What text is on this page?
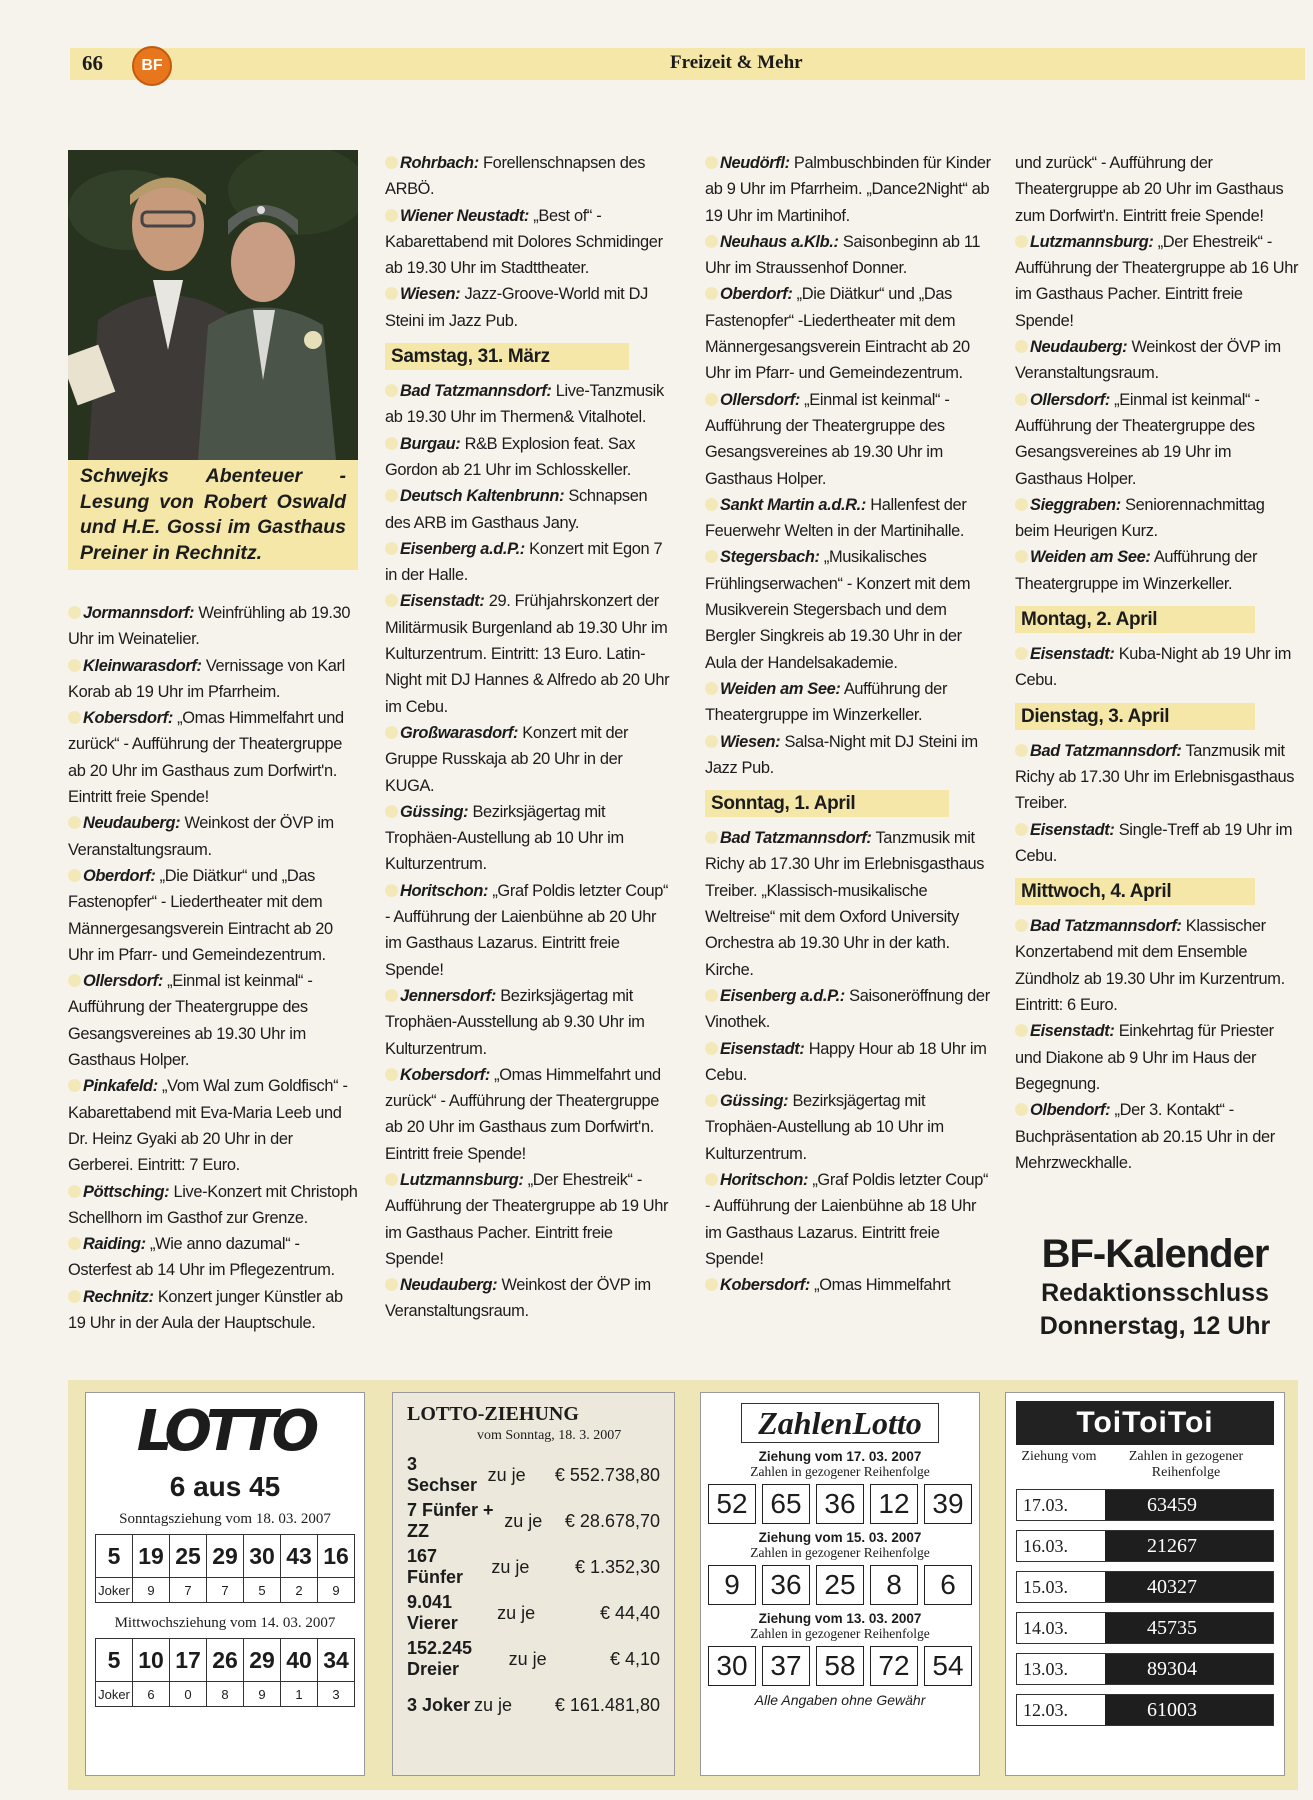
66	BF	Freizeit & Mehr
Schwejks Abenteuer - Lesung von Robert Oswald und H.E. Gossi im Gasthaus Preiner in Rechnitz.

Jormannsdorf: Weinfrühling ab 19.30 Uhr im Weinatelier.

Kleinwarasdorf: Vernissage von Karl Korab ab 19 Uhr im Pfarrheim.

Kobersdorf: „Omas Himmelfahrt und zurück“ - Aufführung der Theatergruppe ab 20 Uhr im Gasthaus zum Dorfwirt'n. Eintritt freie Spende!

Neudauberg: Weinkost der ÖVP im Veranstaltungsraum.

Oberdorf: „Die Diätkur“ und „Das Fastenopfer“ - Liedertheater mit dem Männergesangsverein Eintracht ab 20 Uhr im Pfarr- und Gemeindezentrum.

Ollersdorf: „Einmal ist keinmal“ - Aufführung der Theatergruppe des Gesangsvereines ab 19.30 Uhr im Gasthaus Holper.

Pinkafeld: „Vom Wal zum Goldfisch“ - Kabarettabend mit Eva-Maria Leeb und Dr. Heinz Gyaki ab 20 Uhr in der Gerberei. Eintritt: 7 Euro.

Pöttsching: Live-Konzert mit Christoph Schellhorn im Gasthof zur Grenze.

Raiding: „Wie anno dazumal“ - Osterfest ab 14 Uhr im Pflegezentrum.

Rechnitz: Konzert junger Künstler ab 19 Uhr in der Aula der Hauptschule.

Rohrbach: Forellenschnapsen des ARBÖ.

Wiener Neustadt: „Best of“ - Kabarettabend mit Dolores Schmidinger ab 19.30 Uhr im Stadttheater.

Wiesen: Jazz-Groove-World mit DJ Steini im Jazz Pub.

Samstag, 31. März

Bad Tatzmannsdorf: Live-Tanzmusik ab 19.30 Uhr im Thermen& Vitalhotel.

Burgau: R&B Explosion feat. Sax Gordon ab 21 Uhr im Schlosskeller.

Deutsch Kaltenbrunn: Schnapsen des ARB im Gasthaus Jany.

Eisenberg a.d.P.: Konzert mit Egon 7 in der Halle.

Eisenstadt: 29. Frühjahrskonzert der Militärmusik Burgenland ab 19.30 Uhr im Kulturzentrum. Eintritt: 13 Euro. Latin-Night mit DJ Hannes & Alfredo ab 20 Uhr im Cebu.

Großwarasdorf: Konzert mit der Gruppe Russkaja ab 20 Uhr in der KUGA.

Güssing: Bezirksjägertag mit Trophäen-Austellung ab 10 Uhr im Kulturzentrum.

Horitschon: „Graf Poldis letzter Coup“ - Aufführung der Laienbühne ab 20 Uhr im Gasthaus Lazarus. Eintritt freie Spende!

Jennersdorf: Bezirksjägertag mit Trophäen-Ausstellung ab 9.30 Uhr im Kulturzentrum.

Kobersdorf: „Omas Himmelfahrt und zurück“ - Aufführung der Theatergruppe ab 20 Uhr im Gasthaus zum Dorfwirt'n. Eintritt freie Spende!

Lutzmannsburg: „Der Ehestreik“ - Aufführung der Theatergruppe ab 19 Uhr im Gasthaus Pacher. Eintritt freie Spende!

Neudauberg: Weinkost der ÖVP im Veranstaltungsraum.

Neudörfl: Palmbuschbinden für Kinder ab 9 Uhr im Pfarrheim. „Dance2Night“ ab 19 Uhr im Martinihof.

Neuhaus a.Klb.: Saisonbeginn ab 11 Uhr im Straussenhof Donner.

Oberdorf: „Die Diätkur“ und „Das Fastenopfer“ -Liedertheater mit dem Männergesangsverein Eintracht ab 20 Uhr im Pfarr- und Gemeindezentrum.

Ollersdorf: „Einmal ist keinmal“ - Aufführung der Theatergruppe des Gesangsvereines ab 19.30 Uhr im Gasthaus Holper.

Sankt Martin a.d.R.: Hallenfest der Feuerwehr Welten in der Martinihalle.

Stegersbach: „Musikalisches Frühlingserwachen“ - Konzert mit dem Musikverein Stegersbach und dem Bergler Singkreis ab 19.30 Uhr in der Aula der Handelsakademie.

Weiden am See: Aufführung der Theatergruppe im Winzerkeller.

Wiesen: Salsa-Night mit DJ Steini im Jazz Pub.

Sonntag, 1. April

Bad Tatzmannsdorf: Tanzmusik mit Richy ab 17.30 Uhr im Erlebnisgasthaus Treiber. „Klassisch-musikalische Weltreise“ mit dem Oxford University Orchestra ab 19.30 Uhr in der kath. Kirche.

Eisenberg a.d.P.: Saisoneröffnung der Vinothek.

Eisenstadt: Happy Hour ab 18 Uhr im Cebu.

Güssing: Bezirksjägertag mit Trophäen-Austellung ab 10 Uhr im Kulturzentrum.

Horitschon: „Graf Poldis letzter Coup“ - Aufführung der Laienbühne ab 18 Uhr im Gasthaus Lazarus. Eintritt freie Spende!

Kobersdorf: „Omas Himmelfahrt

und zurück“ - Aufführung der Theatergruppe ab 20 Uhr im Gasthaus zum Dorfwirt'n. Eintritt freie Spende!

Lutzmannsburg: „Der Ehestreik“ - Aufführung der Theatergruppe ab 16 Uhr im Gasthaus Pacher. Eintritt freie Spende!

Neudauberg: Weinkost der ÖVP im Veranstaltungsraum.

Ollersdorf: „Einmal ist keinmal“ - Aufführung der Theatergruppe des Gesangsvereines ab 19 Uhr im Gasthaus Holper.

Sieggraben: Seniorennachmittag beim Heurigen Kurz.

Weiden am See: Aufführung der Theatergruppe im Winzerkeller.

Montag, 2. April

Eisenstadt: Kuba-Night ab 19 Uhr im Cebu.

Dienstag, 3. April

Bad Tatzmannsdorf: Tanzmusik mit Richy ab 17.30 Uhr im Erlebnisgasthaus Treiber.

Eisenstadt: Single-Treff ab 19 Uhr im Cebu.

Mittwoch, 4. April

Bad Tatzmannsdorf: Klassischer Konzertabend mit dem Ensemble Zündholz ab 19.30 Uhr im Kurzentrum. Eintritt: 6 Euro.

Eisenstadt: Einkehrtag für Priester und Diakone ab 9 Uhr im Haus der Begegnung.

Olbendorf: „Der 3. Kontakt“ - Buchpräsentation ab 20.15 Uhr in der Mehrzweckhalle.

BF-Kalender
Redaktionsschluss
Donnerstag, 12 Uhr
LOTTO
6 aus 45
Sonntagsziehung vom 18. 03. 2007
5	19	25	29	30	43	16
Joker	9	7	7	5	2	9
Mittwochsziehung vom 14. 03. 2007
5	10	17	26	29	40	34
Joker	6	0	8	9	1	3
LOTTO-ZIEHUNG
vom Sonntag, 18. 3. 2007
3 Sechser
zu je	€ 552.738,80
7 Fünfer + ZZ
zu je	€ 28.678,70
167 Fünfer
zu je	€ 1.352,30
9.041 Vierer
zu je	€ 44,40
152.245 Dreier
zu je	€ 4,10
3 Joker zu je	€ 161.481,80
ZahlenLotto
Ziehung vom 17. 03. 2007
Zahlen in gezogener Reihenfolge
52 65 36 12 39
Ziehung vom 15. 03. 2007
Zahlen in gezogener Reihenfolge
9	36 25	8	6
Ziehung vom 13. 03. 2007
Zahlen in gezogener Reihenfolge
30 37 58 72 54
Alle Angaben ohne Gewähr
ToiToiToi
Ziehung vom	Zahlen in gezogener Reihenfolge
17.03.	63459
16.03.	21267
15.03.	40327
14.03.	45735
13.03.	89304
12.03.	61003
